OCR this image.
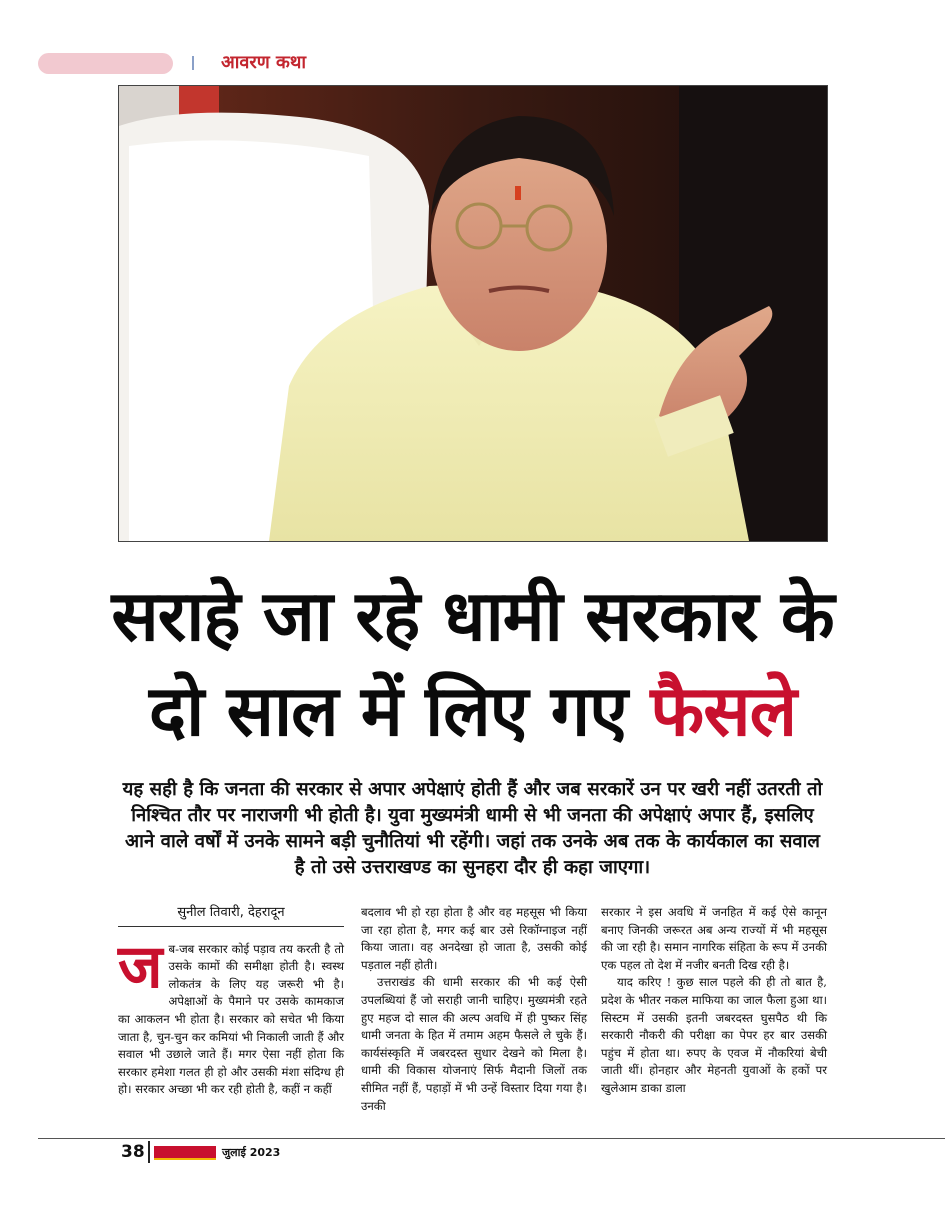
आवरण कथा
सराहे जा रहे धामी सरकार के
दो साल में लिए गए फैसले
यह सही है कि जनता की सरकार से अपार अपेक्षाएं होती हैं और जब सरकारें उन पर खरी नहीं उतरती तो निश्चित तौर पर नाराजगी भी होती है। युवा मुख्यमंत्री धामी से भी जनता की अपेक्षाएं अपार हैं, इसलिए आने वाले वर्षों में उनके सामने बड़ी चुनौतियां भी रहेंगी। जहां तक उनके अब तक के कार्यकाल का सवाल है तो उसे उत्तराखण्ड का सुनहरा दौर ही कहा जाएगा।
सुनील तिवारी, देहरादून
ज ब-जब सरकार कोई पड़ाव तय करती है तो उसके कामों की समीक्षा होती है। स्वस्थ लोकतंत्र के लिए यह जरूरी भी है। अपेक्षाओं के पैमाने पर उसके कामकाज का आकलन भी होता है। सरकार को सचेत भी किया जाता है, चुन-चुन कर कमियां भी निकाली जाती हैं और सवाल भी उछाले जाते हैं। मगर ऐसा नहीं होता कि सरकार हमेशा गलत ही हो और उसकी मंशा संदिग्ध ही हो। सरकार अच्छा भी कर रही होती है, कहीं न कहीं

बदलाव भी हो रहा होता है और वह महसूस भी किया जा रहा होता है, मगर कई बार उसे रिकॉग्नाइज नहीं किया जाता। वह अनदेखा हो जाता है, उसकी कोई पड़ताल नहीं होती।

उत्तराखंड की धामी सरकार की भी कई ऐसी उपलब्धियां हैं जो सराही जानी चाहिए। मुख्यमंत्री रहते हुए महज दो साल की अल्प अवधि में ही पुष्कर सिंह धामी जनता के हित में तमाम अहम फैसले ले चुके हैं। कार्यसंस्कृति में जबरदस्त सुधार देखने को मिला है। धामी की विकास योजनाएं सिर्फ मैदानी जिलों तक सीमित नहीं हैं, पहाड़ों में भी उन्हें विस्तार दिया गया है। उनकी

सरकार ने इस अवधि में जनहित में कई ऐसे कानून बनाए जिनकी जरूरत अब अन्य राज्यों में भी महसूस की जा रही है। समान नागरिक संहिता के रूप में उनकी एक पहल तो देश में नजीर बनती दिख रही है।

याद करिए ! कुछ साल पहले की ही तो बात है, प्रदेश के भीतर नकल माफिया का जाल फैला हुआ था। सिस्टम में उसकी इतनी जबरदस्त घुसपैठ थी कि सरकारी नौकरी की परीक्षा का पेपर हर बार उसकी पहुंच में होता था। रुपए के एवज में नौकरियां बेची जाती थीं। होनहार और मेहनती युवाओं के हकों पर खुलेआम डाका डाला

38	जुलाई 2023
